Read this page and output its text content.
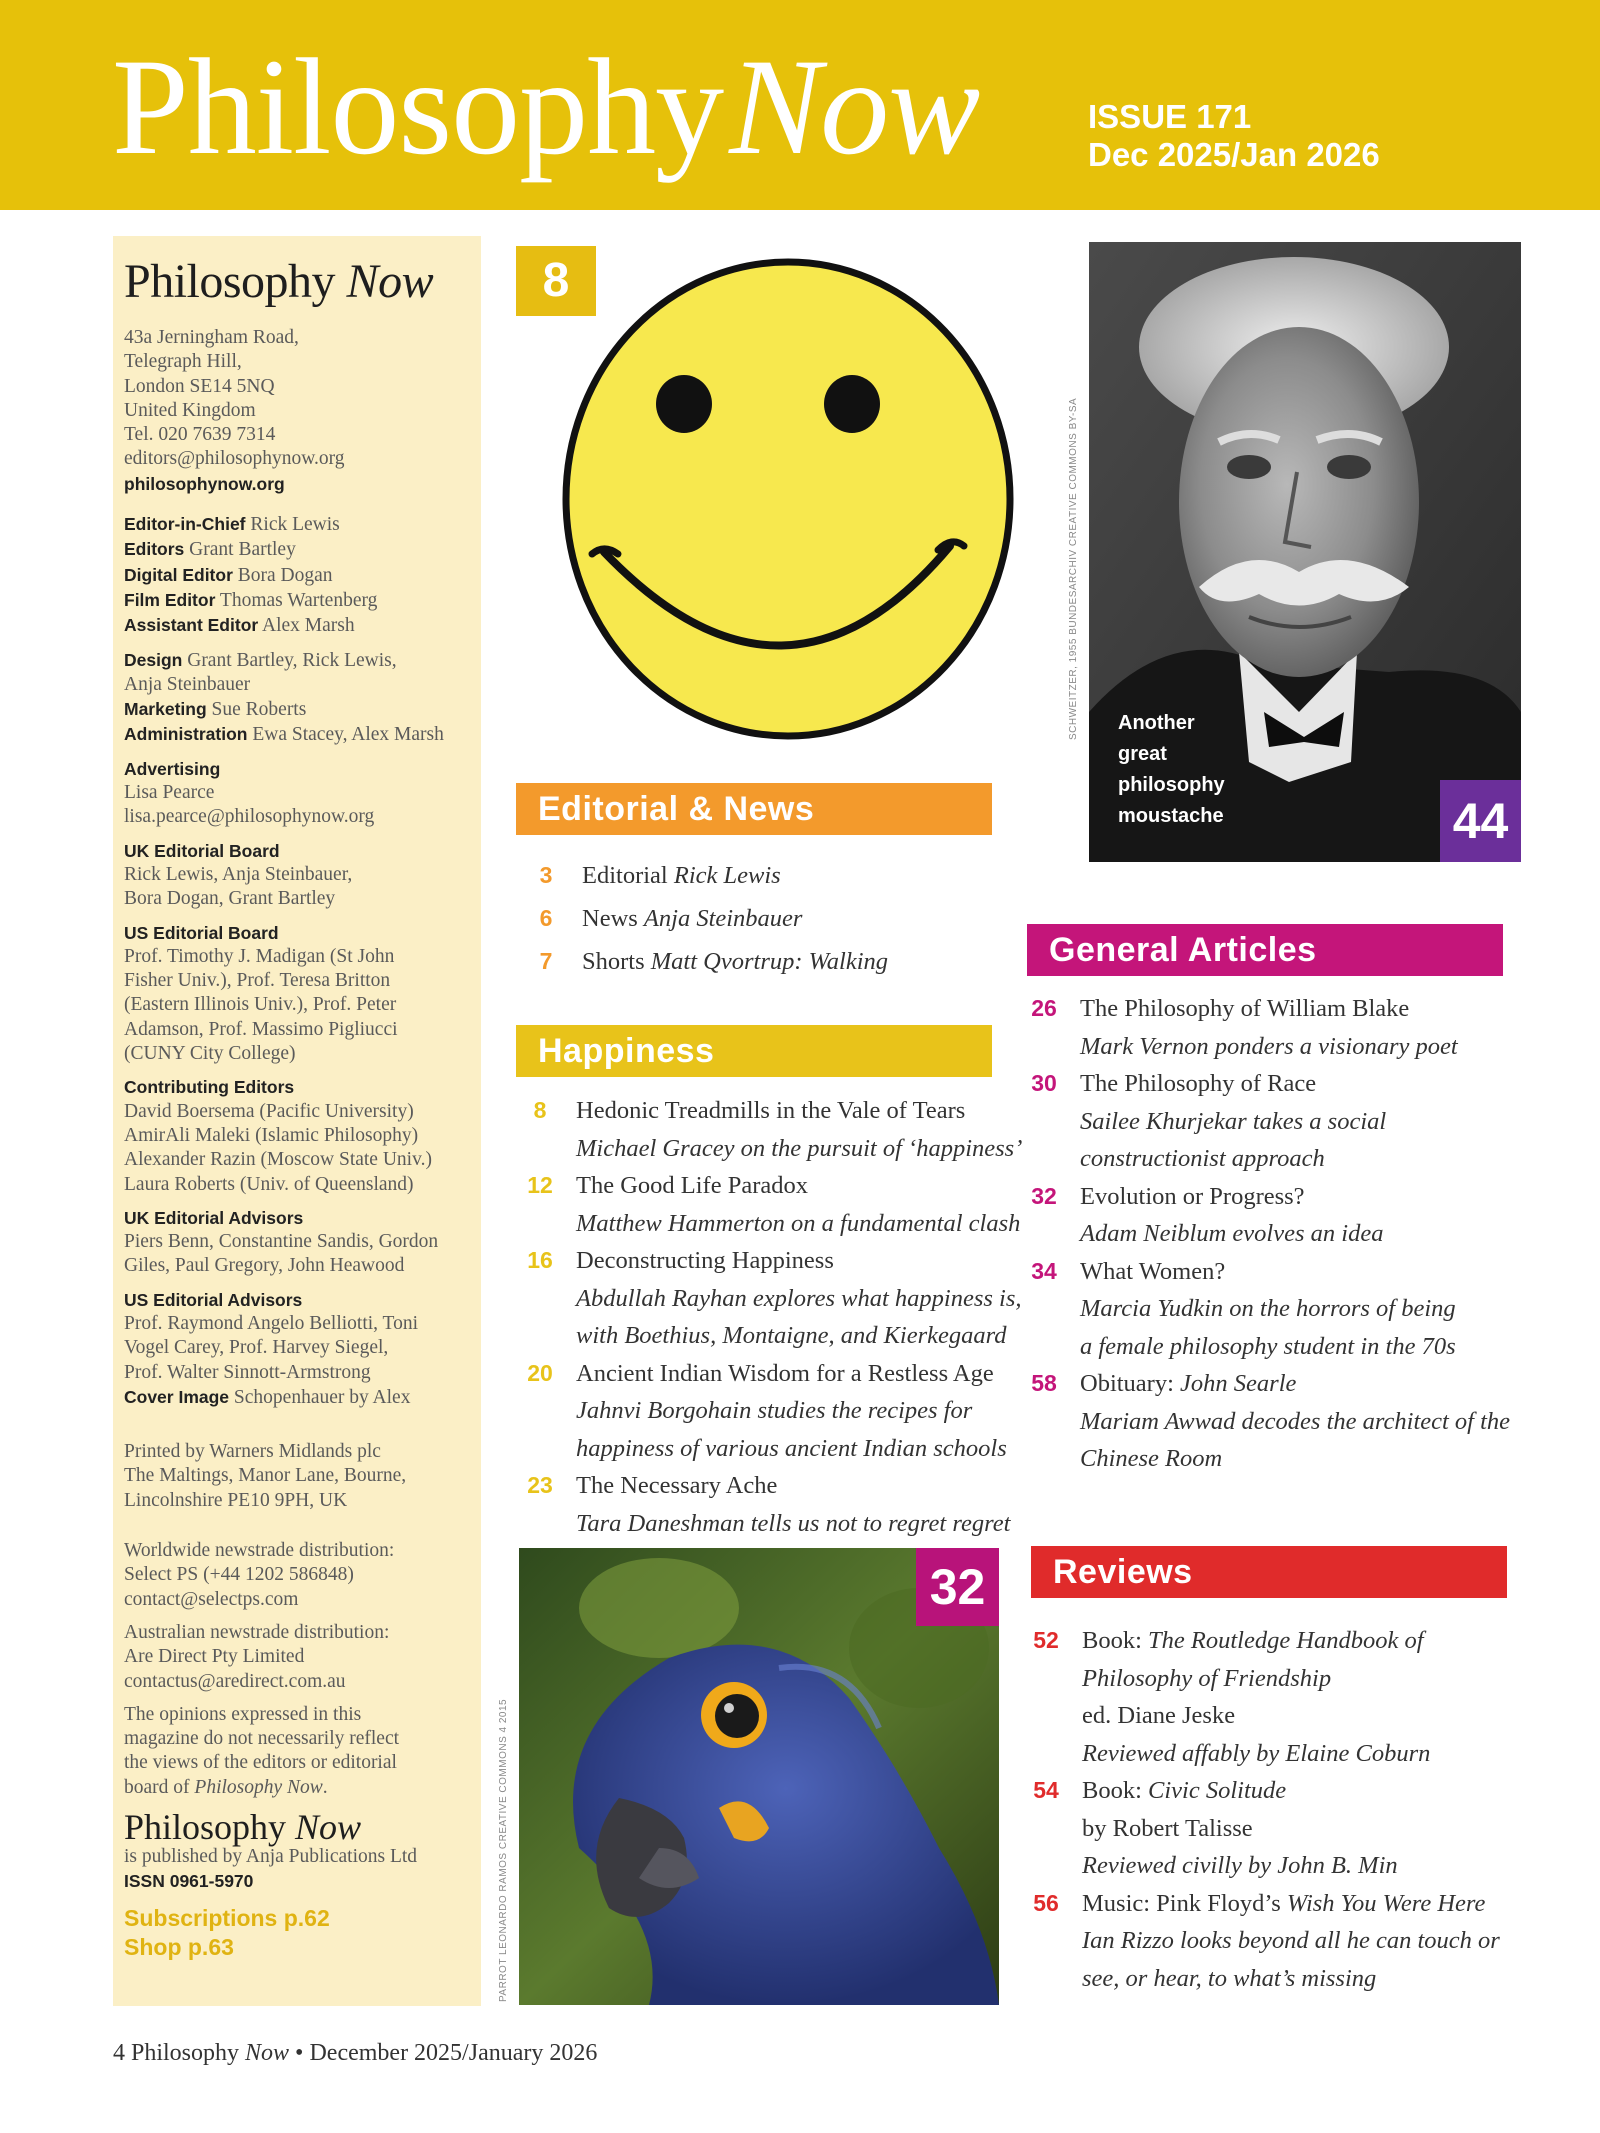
PhilosophyNow	ISSUE 171
Dec 2025/Jan 2026
Philosophy Now
43a Jerningham Road,
Telegraph Hill,
London SE14 5NQ
United Kingdom
Tel. 020 7639 7314
editors@philosophynow.org
philosophynow.org
Editor-in-Chief Rick Lewis
Editors Grant Bartley
Digital Editor Bora Dogan
Film Editor Thomas Wartenberg
Assistant Editor Alex Marsh
Design Grant Bartley, Rick Lewis,
Anja Steinbauer
Marketing Sue Roberts
Administration Ewa Stacey, Alex Marsh
Advertising
Lisa Pearce
lisa.pearce@philosophynow.org
UK Editorial Board
Rick Lewis, Anja Steinbauer,
Bora Dogan, Grant Bartley
US Editorial Board
Prof. Timothy J. Madigan (St John
Fisher Univ.), Prof. Teresa Britton
(Eastern Illinois Univ.), Prof. Peter
Adamson, Prof. Massimo Pigliucci
(CUNY City College)
Contributing Editors
David Boersema (Pacific University)
AmirAli Maleki (Islamic Philosophy)
Alexander Razin (Moscow State Univ.)
Laura Roberts (Univ. of Queensland)
UK Editorial Advisors
Piers Benn, Constantine Sandis, Gordon
Giles, Paul Gregory, John Heawood
US Editorial Advisors
Prof. Raymond Angelo Belliotti, Toni
Vogel Carey, Prof. Harvey Siegel,
Prof. Walter Sinnott-Armstrong
Cover Image Schopenhauer by Alex
Printed by Warners Midlands plc
The Maltings, Manor Lane, Bourne,
Lincolnshire PE10 9PH, UK
Worldwide newstrade distribution:
Select PS (+44 1202 586848)
contact@selectps.com
Australian newstrade distribution:
Are Direct Pty Limited
contactus@aredirect.com.au
The opinions expressed in this
magazine do not necessarily reflect
the views of the editors or editorial
board of Philosophy Now.
Philosophy Now
is published by Anja Publications Ltd
ISSN 0961-5970
Subscriptions p.62
Shop p.63
8
Another
great
philosophy
moustache	44
SCHWEITZER, 1955 BUNDESARCHIV CREATIVE COMMONS BY-SA
Editorial & News
3	Editorial Rick Lewis
6	News Anja Steinbauer
7	Shorts Matt Qvortrup: Walking
Happiness
8	Hedonic Treadmills in the Vale of Tears
Michael Gracey on the pursuit of ‘happiness’
12 The Good Life Paradox
Matthew Hammerton on a fundamental clash
16 Deconstructing Happiness
Abdullah Rayhan explores what happiness is,
with Boethius, Montaigne, and Kierkegaard
20 Ancient Indian Wisdom for a Restless Age
Jahnvi Borgohain studies the recipes for
happiness of various ancient Indian schools
23 The Necessary Ache
Tara Daneshman tells us not to regret regret
32
PARROT LEONARDO RAMOS CREATIVE COMMONS 4 2015
General Articles
26 The Philosophy of William Blake
Mark Vernon ponders a visionary poet
30 The Philosophy of Race
Sailee Khurjekar takes a social
constructionist approach
32 Evolution or Progress?
Adam Neiblum evolves an idea
34 What Women?
Marcia Yudkin on the horrors of being
a female philosophy student in the 70s
58 Obituary: John Searle
Mariam Awwad decodes the architect of the
Chinese Room
Reviews
52 Book: The Routledge Handbook of
Philosophy of Friendship
ed. Diane Jeske
Reviewed affably by Elaine Coburn
54 Book: Civic Solitude
by Robert Talisse
Reviewed civilly by John B. Min
56 Music: Pink Floyd’s Wish You Were Here
Ian Rizzo looks beyond all he can touch or
see, or hear, to what’s missing
4 Philosophy Now • December 2025/January 2026
